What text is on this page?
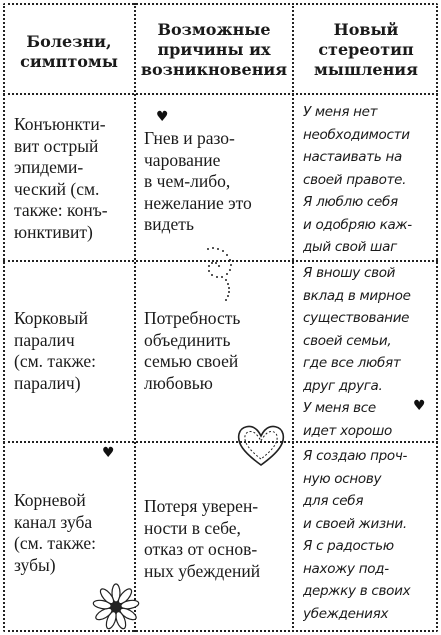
Болезни,
симптомы
Возможные
причины их
возникновения
Новый
стереотип
мышления
Конъюнкти-
вит острый
эпидеми-
ческий (см.
также: конъ-
юнктивит)
Гнев и разо-
чарование
в чем-либо,
нежелание это
видеть
У меня нет
необходимости
настаивать на
своей правоте.
Я люблю себя
и одобряю каж-
дый свой шаг
Корковый
паралич
(см. также:
паралич)
Потребность
объединить
семью своей
любовью
Я вношу свой
вклад в мирное
существование
своей семьи,
где все любят
друг друга.
У меня все
идет хорошо
Корневой
канал зуба
(см. также:
зубы)
Потеря уверен-
ности в себе,
отказ от основ-
ных убеждений
Я создаю проч-
ную основу
для себя
и своей жизни.
Я с радостью
нахожу под-
держку в своих
убеждениях
♥
♥
♥
